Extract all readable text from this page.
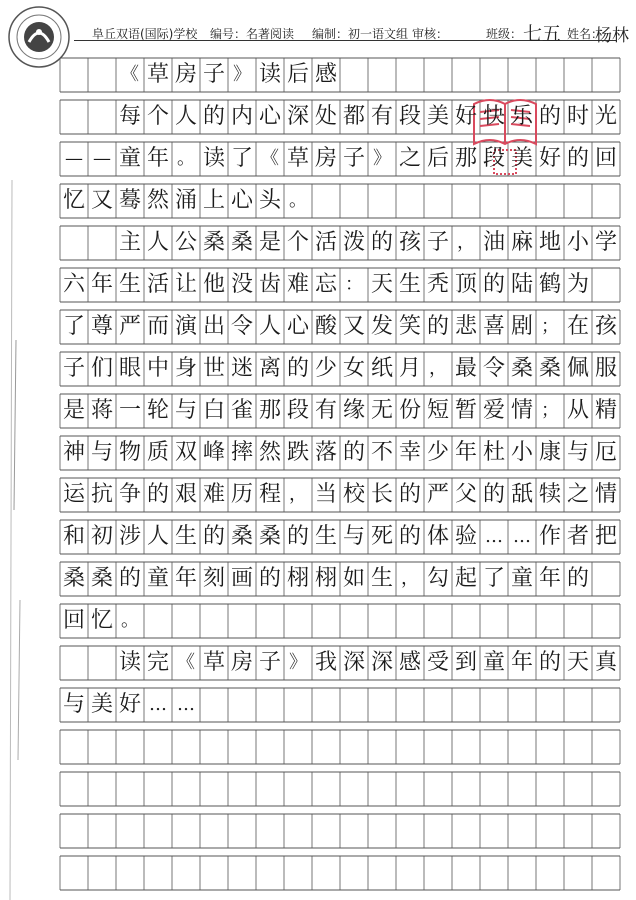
阜丘双语(国际)学校 编号：名著阅读 编制：初一语文组 审核：	班级： 七五 姓名：
杨林
《 草 房 子 》 读 后 感
每 个 人 的 内 心 深 处 都 有 段 美 好 快 乐 的 时 光
— — 童 年 。 读 了 《 草 房 子 》 之 后 那 段 美 好 的 回
忆 又 蓦 然 涌 上 心 头 。
主 人 公 桑 桑 是 个 活 泼 的 孩 子 ， 油 麻 地 小 学
六 年 生 活 让 他 没 齿 难 忘 ： 天 生 秃 顶 的 陆 鹤 为
了 尊 严 而 演 出 令 人 心 酸 又 发 笑 的 悲 喜 剧 ； 在 孩
子 们 眼 中 身 世 迷 离 的 少 女 纸 月 ， 最 令 桑 桑 佩 服
是 蒋 一 轮 与 白 雀 那 段 有 缘 无 份 短 暂 爱 情 ； 从 精
神 与 物 质 双 峰 摔 然 跌 落 的 不 幸 少 年 杜 小 康 与 厄
运 抗 争 的 艰 难 历 程 ， 当 校 长 的 严 父 的 舐 犊 之 情
和 初 涉 人 生 的 桑 桑 的 生 与 死 的 体 验 … … 作 者 把
桑 桑 的 童 年 刻 画 的 栩 栩 如 生 ， 勾 起 了 童 年 的
回 忆 。
读 完 《 草 房 子 》 我 深 深 感 受 到 童 年 的 天 真
与 美 好 … …
